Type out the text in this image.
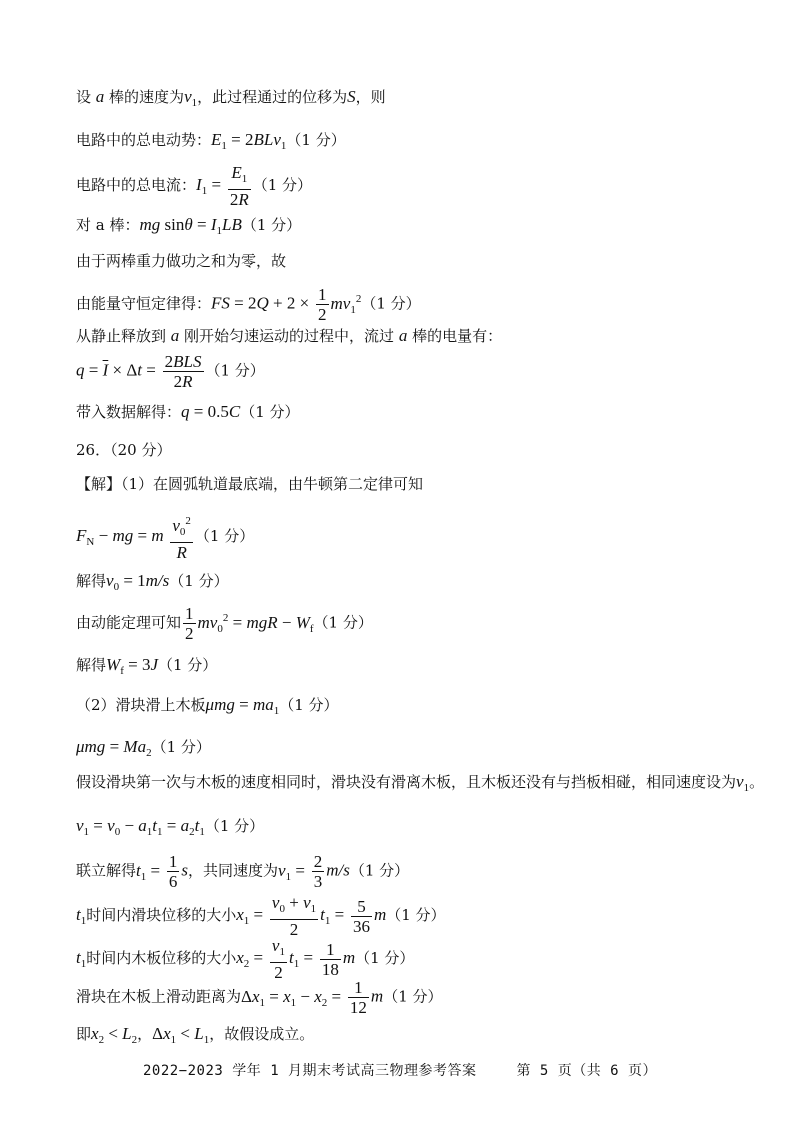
设 a 棒的速度为$v_1$，此过程通过的位移为S，则
电路中的总电动势：$E_1 = 2BLv_1(1$ 分）
电路中的总电流：$I_1 = \frac{E_1}{2R} (1$ 分）
对 a 棒：mg $\sin\theta = I_1LB(1$ 分）
由于两棒重力做功之和为零，故
由能量守恒定律得：FS = $2Q + 2 \times \frac{1}{2} mv_1^2(1$ 分）
从静止释放到 a 刚开始匀速运动的过程中，流过 a 棒的电量有：
$q = \overline{I} \times \Delta t = \frac{\text{2BLS}}{2R} (1$ 分）
带入数据解得：q = 0.5C（1 分）
26．（20 分）
【解】（1）在圆弧轨道最底端，由牛顿第二定律可知
$F_N$ − mg = m $\frac{v_0^2}{R} (1$ 分）
解得$v_0 = 1m/s(1$ 分）
由动能定理可知 $\frac{1}{2} mv_0^2$ = mgR − $W_f(1$ 分）
解得$W_f = 3J(1$ 分）
（2）滑块滑上木板$\mu mg = ma_1(1$ 分）
$\mu mg = Ma_2(1$ 分）
假设滑块第一次与木板的速度相同时，滑块没有滑离木板，且木板还没有与挡板相碰，相同速度设为$v_1$。
$v_1 = v_0 - a_1t_1 = a_2t_1(1$ 分）
联立解得$t_1 = \frac{1}{6}$ s，共同速度为$v_1 = \frac{2}{3} m/s(1$ 分）
$t_1$时间内滑块位移的大小$x_1 = \frac{v_0 + v_1}{2} t_1 = \frac{5}{36} m(1$ 分）
$t_1$时间内木板位移的大小$x_2 = \frac{v_1}{2} t_1 = \frac{1}{18} m(1$ 分）
滑块在木板上滑动距离为$\Delta x_1 = x_1 - x_2 = \frac{1}{12} m(1$ 分）
即$x_2 < L_2$，$\Delta x_1 < L_1$，故假设成立。
2022−2023 学年 1 月期末考试高三物理参考答案	第 5 页（共 6 页）
